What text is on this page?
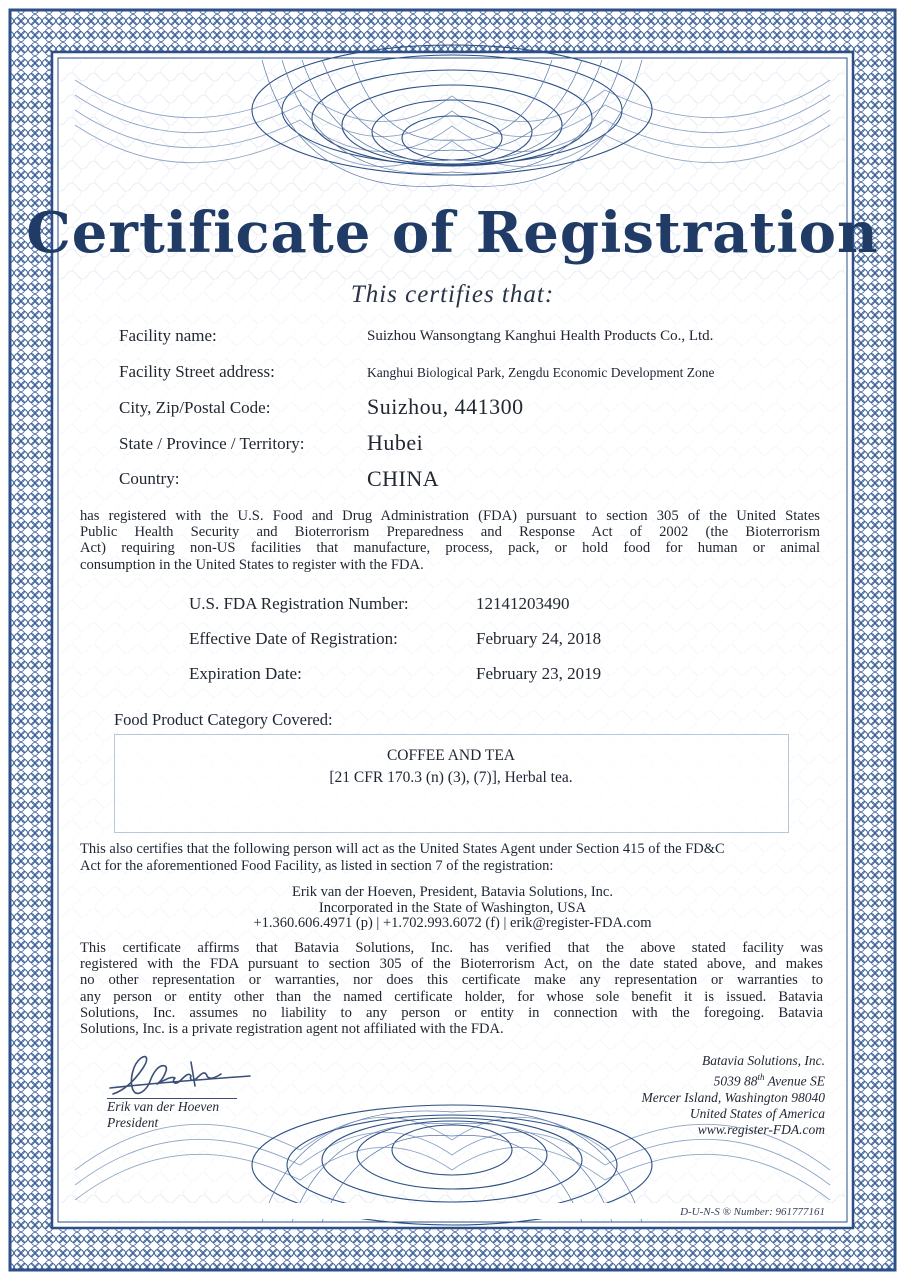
Certificate of Registration
This certifies that:
Facility name:	Suizhou Wansongtang Kanghui Health Products Co., Ltd.
Facility Street address:	Kanghui Biological Park, Zengdu Economic Development Zone
City, Zip/Postal Code:	Suizhou, 441300
State / Province / Territory:	Hubei
Country:	CHINA
has registered with the U.S. Food and Drug Administration (FDA) pursuant to section 305 of the United States
Public Health Security and Bioterrorism Preparedness and Response Act of 2002 (the Bioterrorism
Act) requiring non-US facilities that manufacture, process, pack, or hold food for human or animal
consumption in the United States to register with the FDA.
U.S. FDA Registration Number:	12141203490
Effective Date of Registration:	February 24, 2018
Expiration Date:	February 23, 2019
Food Product Category Covered:
COFFEE AND TEA
[21 CFR 170.3 (n) (3), (7)], Herbal tea.
This also certifies that the following person will act as the United States Agent under Section 415 of the FD&C
Act for the aforementioned Food Facility, as listed in section 7 of the registration:
Erik van der Hoeven, President, Batavia Solutions, Inc.
Incorporated in the State of Washington, USA
+1.360.606.4971 (p) | +1.702.993.6072 (f) | erik@register-FDA.com
This certificate affirms that Batavia Solutions, Inc. has verified that the above stated facility was
registered with the FDA pursuant to section 305 of the Bioterrorism Act, on the date stated above, and makes
no other representation or warranties, nor does this certificate make any representation or warranties to
any person or entity other than the named certificate holder, for whose sole benefit it is issued. Batavia
Solutions, Inc. assumes no liability to any person or entity in connection with the foregoing. Batavia
Solutions, Inc. is a private registration agent not affiliated with the FDA.
Erik van der Hoeven
President
Batavia Solutions, Inc.
5039 88th Avenue SE
Mercer Island, Washington 98040
United States of America
www.register-FDA.com
D-U-N-S ® Number: 961777161
